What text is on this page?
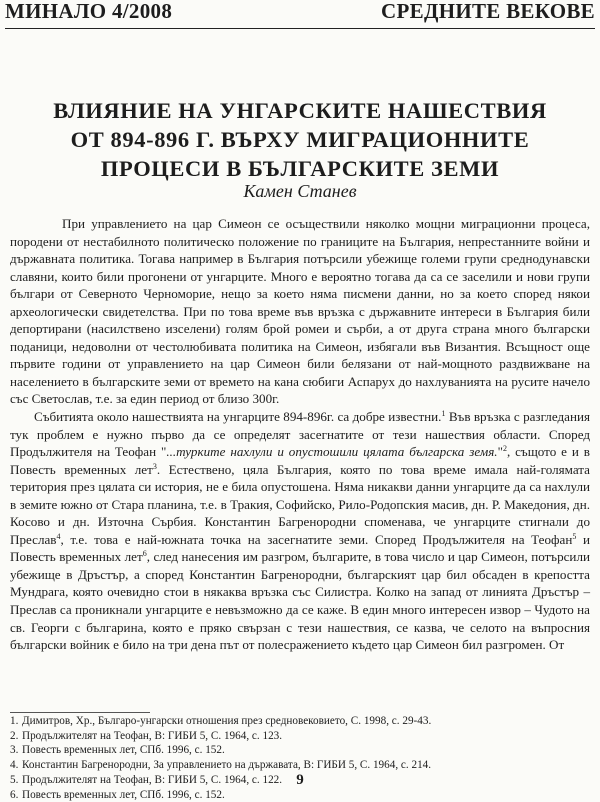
МИНАЛО 4/2008	СРЕДНИТЕ ВЕКОВЕ
ВЛИЯНИЕ НА УНГАРСКИТЕ НАШЕСТВИЯ
ОТ 894-896 Г. ВЪРХУ МИГРАЦИОННИТЕ
ПРОЦЕСИ В БЪЛГАРСКИТЕ ЗЕМИ
Камен Станев

При управлението на цар Симеон се осъществили няколко мощни миграционни процеса, породени от нестабилното политическо положение по границите на България, непрестанните войни и държавната политика. Тогава например в България потърсили убежище големи групи среднодунавски славяни, които били прогонени от унгарците. Много е вероятно тогава да са се заселили и нови групи българи от Северното Черноморие, нещо за което няма писмени данни, но за което според някои археологически свидетелства. При по това време във връзка с държавните интереси в България били депортирани (насилствено изселени) голям брой ромеи и сърби, а от друга страна много български поданици, недоволни от честолюбивата политика на Симеон, избягали във Византия. Всъщност още първите години от управлението на цар Симеон били белязани от най-мощното раздвижване на населението в българските земи от времето на кана сюбиги Аспарух до нахлуванията на русите начело със Светослав, т.е. за един период от близо 300г.

Събитията около нашествията на унгарците 894-896г. са добре известни.$^1$ Във връзка с разгледания тук проблем е нужно първо да се определят засегнатите от тези нашествия области. Според Продължителя на Теофан "...турките нахлули и опустошили цялата българска земя."$^2$, същото е и в Повесть временных лет$^3$. Естествено, цяла България, която по това време имала най-голямата територия през цялата си история, не е била опустошена. Няма никакви данни унгарците да са нахлули в земите южно от Стара планина, т.е. в Тракия, Софийско, Рило-Родопския масив, дн. Р. Македония, дн. Косово и дн. Източна Сърбия. Константин Багренородни споменава, че унгарците стигнали до Преслав$^4$, т.е. това е най-южната точка на засегнатите земи. Според Продължителя на Теофан$^5$ и Повесть временных лет$^6$, след нанесения им разгром, българите, в това число и цар Симеон, потърсили убежище в Дръстър, а според Константин Багренородни, българският цар бил обсаден в крепостта Мундрага, която очевидно стои в някаква връзка със Силистра. Колко на запад от линията Дръстър – Преслав са проникнали унгарците е невъзможно да се каже. В един много интересен извор – Чудото на св. Георги с българина, която е пряко свързан с тези нашествия, се казва, че селото на въпросния български войник е било на три дена път от полесражението където цар Симеон бил разгромен. От

1. Димитров, Хр., Българо-унгарски отношения през средновековието, С. 1998, с. 29-43.
2. Продължителят на Теофан, В: ГИБИ 5, С. 1964, с. 123.
3. Повесть временных лет, СПб. 1996, с. 152.
4. Константин Багренородни, За управлението на държавата, В: ГИБИ 5, С. 1964, с. 214.
5. Продължителят на Теофан, В: ГИБИ 5, С. 1964, с. 122.
6. Повесть временных лет, СПб. 1996, с. 152.
9
